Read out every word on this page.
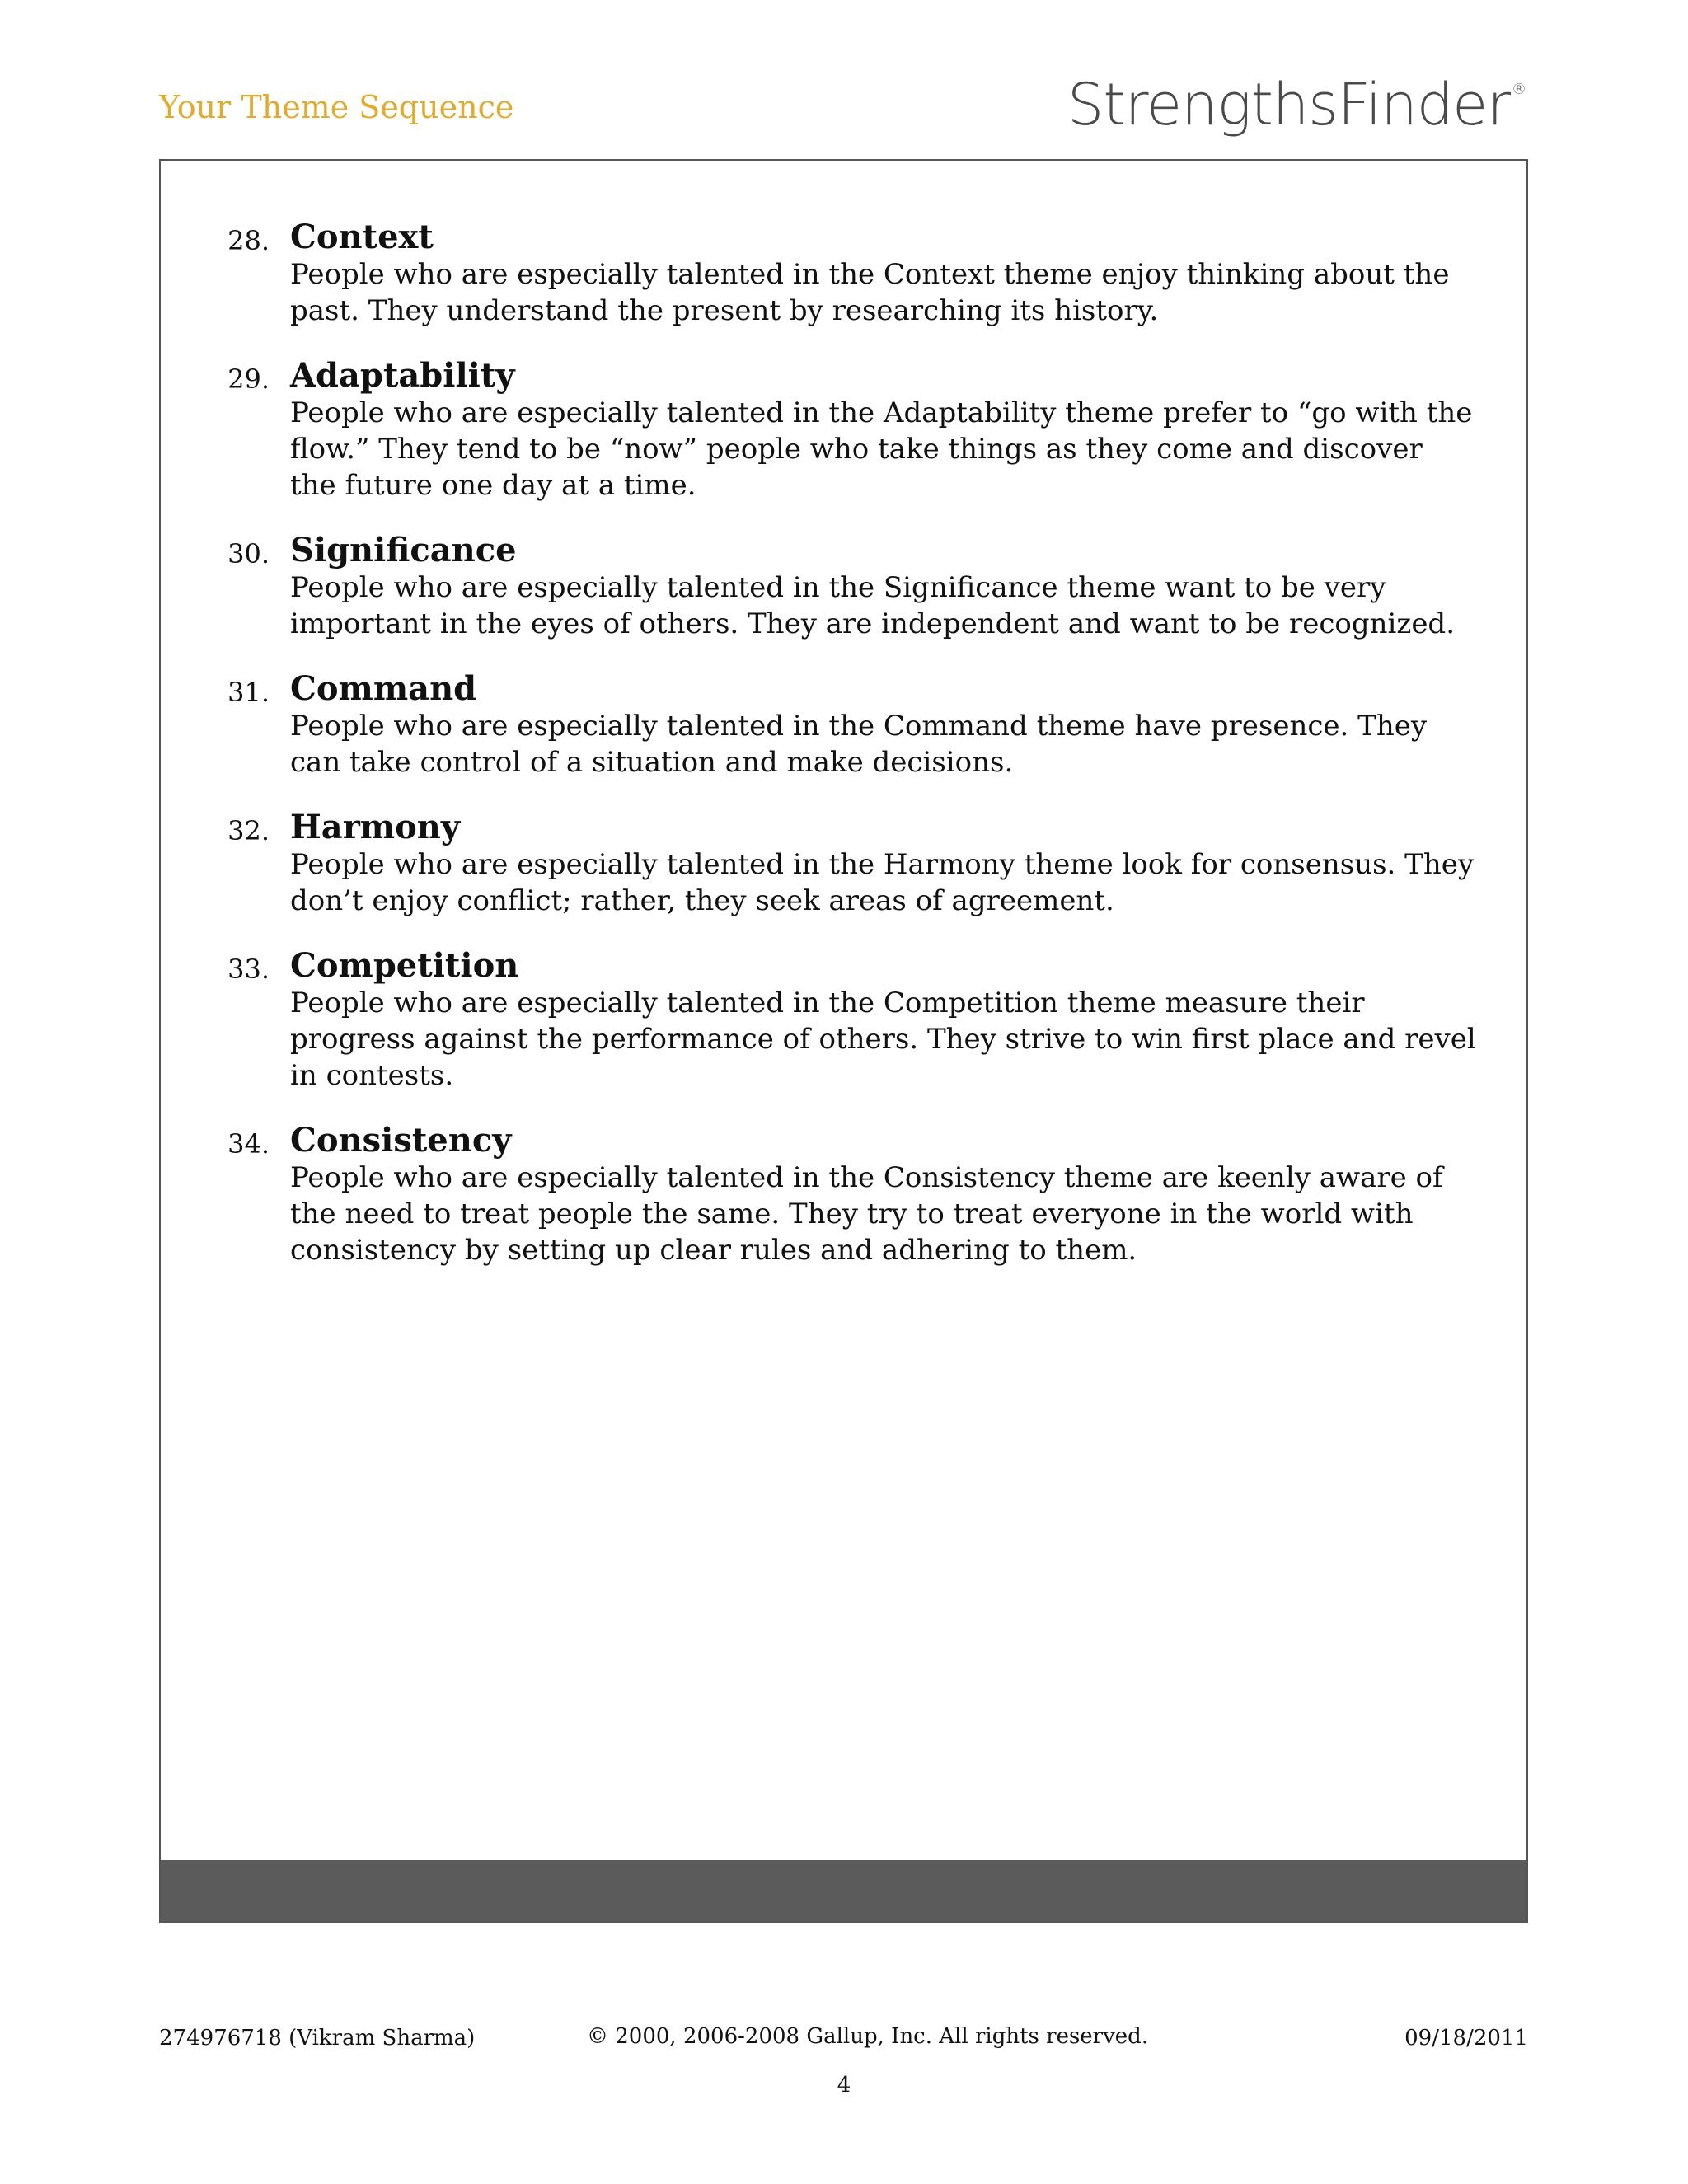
Your Theme Sequence	StrengthsFinder ®
28. Context
People who are especially talented in the Context theme enjoy thinking about the past. They understand the present by researching its history.
29. Adaptability
People who are especially talented in the Adaptability theme prefer to “go with the flow.” They tend to be “now” people who take things as they come and discover the future one day at a time.
30. Significance
People who are especially talented in the Significance theme want to be very important in the eyes of others. They are independent and want to be recognized.
31. Command
People who are especially talented in the Command theme have presence. They can take control of a situation and make decisions.
32. Harmony
People who are especially talented in the Harmony theme look for consensus. They don’t enjoy conflict; rather, they seek areas of agreement.
33. Competition
People who are especially talented in the Competition theme measure their progress against the performance of others. They strive to win first place and revel in contests.
34. Consistency
People who are especially talented in the Consistency theme are keenly aware of the need to treat people the same. They try to treat everyone in the world with consistency by setting up clear rules and adhering to them.
274976718 (Vikram Sharma)	© 2000, 2006-2008 Gallup, Inc. All rights reserved.	09/18/2011
4
